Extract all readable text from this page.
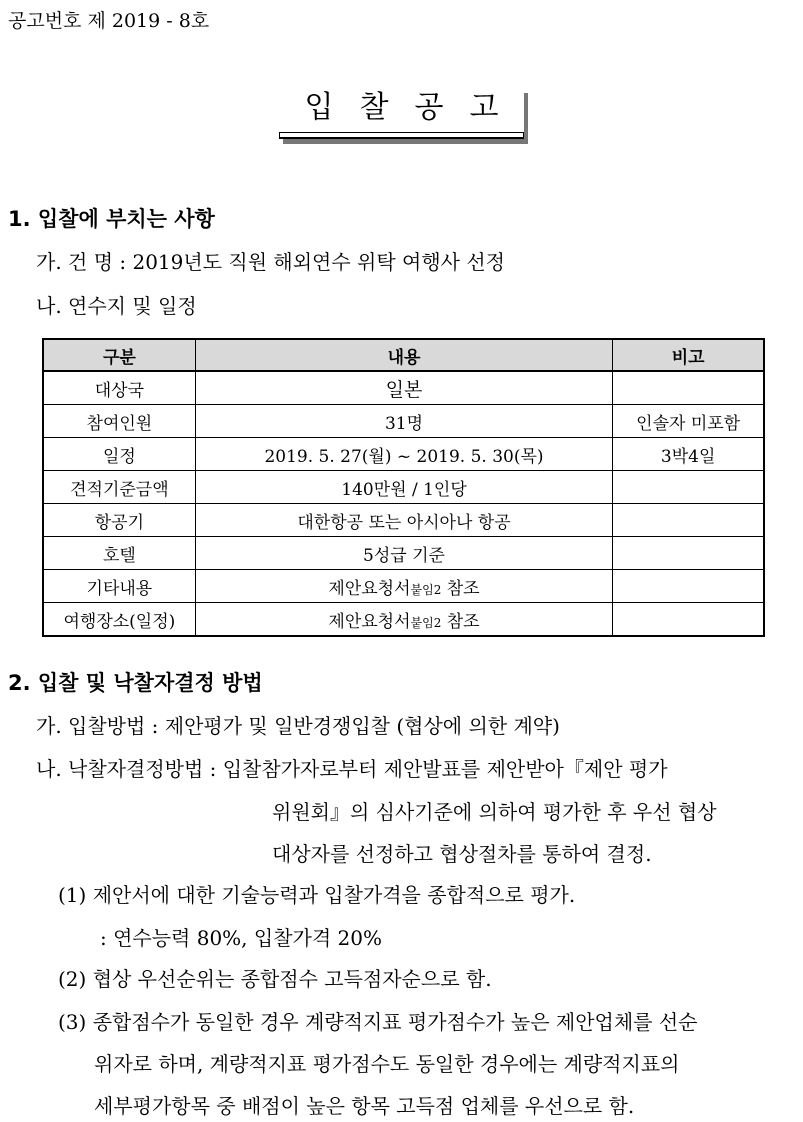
공고번호 제 2019 - 8호
입찰공고
1. 입찰에 부치는 사항
가. 건 명 : 2019년도 직원 해외연수 위탁 여행사 선정
나. 연수지 및 일정
구분	내용	비고
대상국	일본	
참여인원	31명	인솔자 미포함
일정	2019. 5. 27(월) ~ 2019. 5. 30(목)	3박4일
견적기준금액	140만원 / 1인당	
항공기	대한항공 또는 아시아나 항공	
호텔	5성급 기준	
기타내용	제안요청서붙임2 참조	
여행장소(일정)	제안요청서붙임2 참조	
2. 입찰 및 낙찰자결정 방법
가. 입찰방법 : 제안평가 및 일반경쟁입찰 (협상에 의한 계약)
나. 낙찰자결정방법 : 입찰참가자로부터 제안발표를 제안받아『제안 평가
위원회』의 심사기준에 의하여 평가한 후 우선 협상
대상자를 선정하고 협상절차를 통하여 결정.
(1) 제안서에 대한 기술능력과 입찰가격을 종합적으로 평가.
: 연수능력 80%, 입찰가격 20%
(2) 협상 우선순위는 종합점수 고득점자순으로 함.
(3) 종합점수가 동일한 경우 계량적지표 평가점수가 높은 제안업체를 선순
위자로 하며, 계량적지표 평가점수도 동일한 경우에는 계량적지표의
세부평가항목 중 배점이 높은 항목 고득점 업체를 우선으로 함.
